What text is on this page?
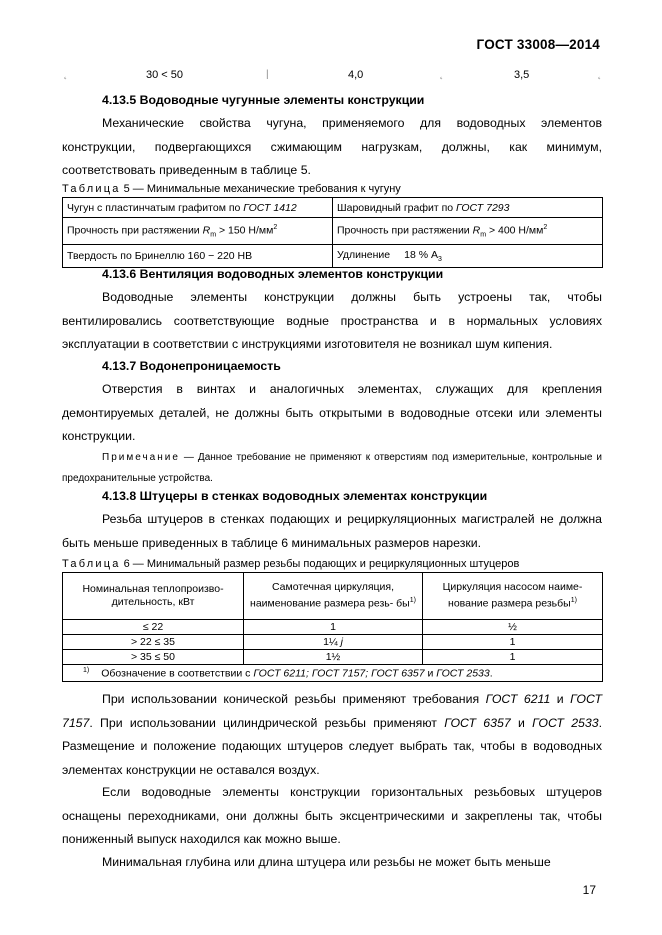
ГОСТ 33008—2014
˛	30 < 50	|	4,0	˛	3,5	˛
4.13.5 Водоводные чугунные элементы конструкции
Механические свойства чугуна, применяемого для водоводных элементов конструкции, подвергающихся сжимающим нагрузкам, должны, как минимум, соответствовать приведенным в таблице 5.
Таблица 5 — Минимальные механические требования к чугуну
Чугун с пластинчатым графитом по ГОСТ 1412	Шаровидный графит по ГОСТ 7293
Прочность при растяжении $R_m > 150$ $Н/мм^2$	Прочность при растяжении $R_m > 400$ $Н/мм^2$
Твердость по Бринеллю 160 − 220 НВ	Удлинение 18 % $А_3$
4.13.6 Вентиляция водоводных элементов конструкции
Водоводные элементы конструкции должны быть устроены так, чтобы вентилировались соответствующие водные пространства и в нормальных условиях эксплуатации в соответствии с инструкциями изготовителя не возникал шум кипения.
4.13.7 Водонепроницаемость
Отверстия в винтах и аналогичных элементах, служащих для крепления демонтируемых деталей, не должны быть открытыми в водоводные отсеки или элементы конструкции.
Примечание — Данное требование не применяют к отверстиям под измерительные, контрольные и предохранительные устройства.
4.13.8 Штуцеры в стенках водоводных элементах конструкции
Резьба штуцеров в стенках подающих и рециркуляционных магистралей не должна быть меньше приведенных в таблице 6 минимальных размеров нарезки.
Таблица 6 — Минимальный размер резьбы подающих и рециркуляционных штуцеров
Номинальная теплопроизво- дительность, кВт	Самотечная циркуляция, наименование размера резь- $бы^{1)}$	Циркуляция насосом наиме- нование размера резьбы$^{1)}$
≤ 22	1	½
> 22 ≤ 35	1¼ j	1
> 35 ≤ 50	1½	1
$^{1)}$ Обозначение в соответствии с ГОСТ 6211; ГОСТ 7157; ГОСТ 6357 и ГОСТ 2533.		
При использовании конической резьбы применяют требования ГОСТ 6211 и ГОСТ 7157. При использовании цилиндрической резьбы применяют ГОСТ 6357 и ГОСТ 2533. Размещение и положение подающих штуцеров следует выбрать так, чтобы в водоводных элементах конструкции не оставался воздух.
Если водоводные элементы конструкции горизонтальных резьбовых штуцеров оснащены переходниками, они должны быть эксцентрическими и закреплены так, чтобы пониженный выпуск находился как можно выше.
Минимальная глубина или длина штуцера или резьбы не может быть меньше
17
